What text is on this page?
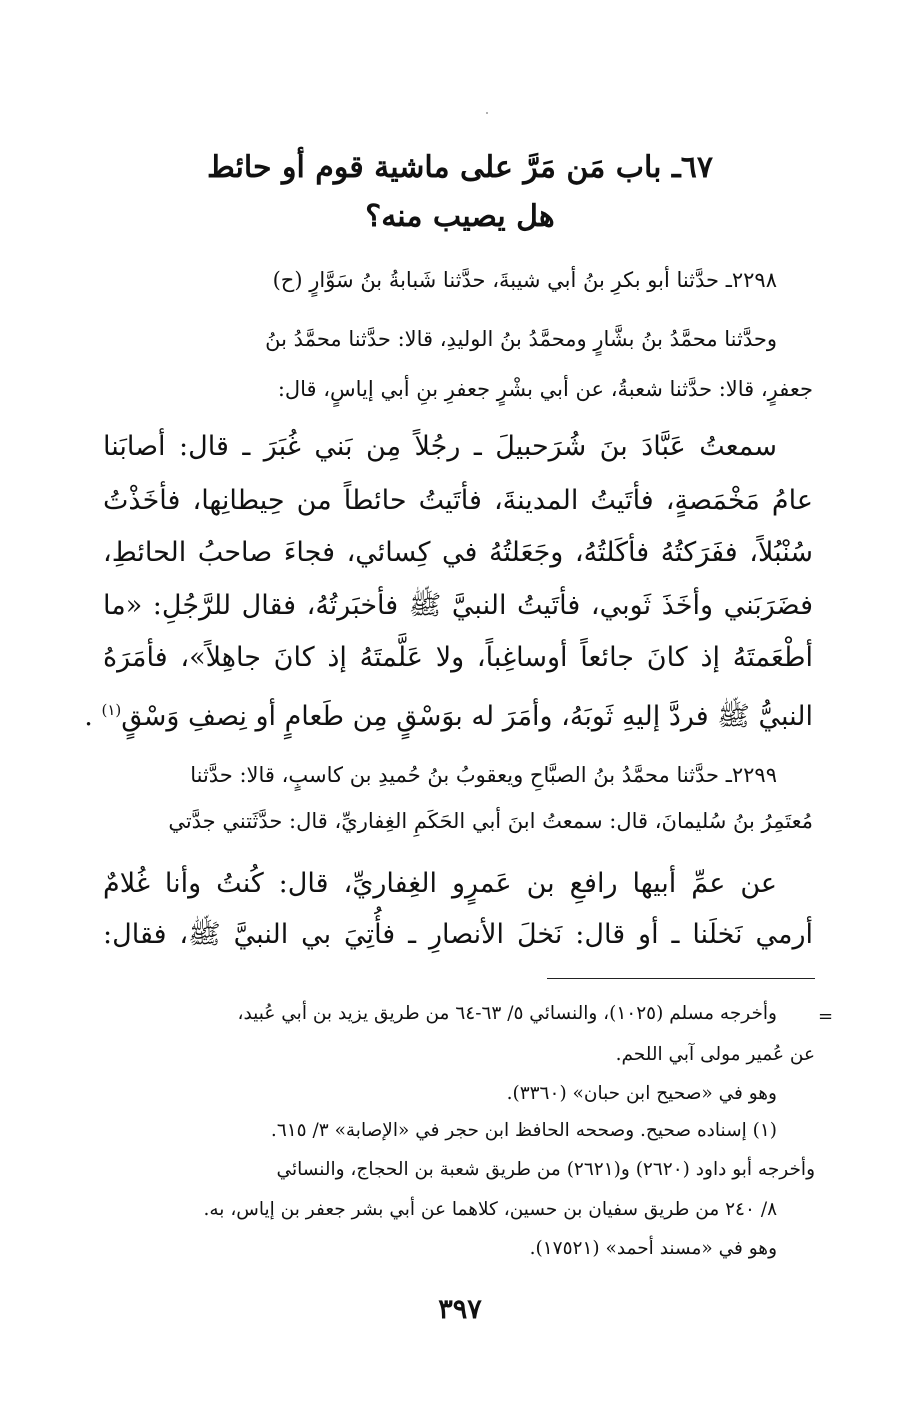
٦٧ـ باب مَن مَرَّ على ماشية قوم أو حائط
هل يصيب منه؟
٢٢٩٨ـ حدَّثنا أبو بكرِ بنُ أبي شيبةَ، حدَّثنا شَبابةُ بنُ سَوَّارٍ (ح)
وحدَّثنا محمَّدُ بنُ بشَّارٍ ومحمَّدُ بنُ الوليدِ، قالا: حدَّثنا محمَّدُ بنُ
جعفرٍ، قالا: حدَّثنا شعبةُ، عن أبي بشْرٍ جعفرِ بنِ أبي إياسٍ، قال:
سمعتُ عَبَّادَ بنَ شُرَحبيلَ ـ رجُلاً مِن بَني غُبَرَ ـ قال: أصابَنا
عامُ مَخْمَصةٍ، فأتَيتُ المدينةَ، فأتَيتُ حائطاً من حِيطانِها، فأخَذْتُ
سُنْبُلاً، ففَرَكتُهُ فأكَلتُهُ، وجَعَلتُهُ في كِسائي، فجاءَ صاحبُ الحائطِ،
فضَرَبَني وأخَذَ ثَوبي، فأتَيتُ النبيَّ ﷺ فأخبَرتُهُ، فقال للرَّجُلِ: «ما
أطْعَمتَهُ إذ كانَ جائعاً أوساغِباً، ولا عَلَّمتَهُ إذ كانَ جاهِلاً»، فأمَرَهُ
النبيُّ ﷺ فردَّ إليهِ ثَوبَهُ، وأمَرَ له بوَسْقٍ مِن طَعامٍ أو نِصفِ وَسْقٍ$^{(١)}$ .
٢٢٩٩ـ حدَّثنا محمَّدُ بنُ الصبَّاحِ ويعقوبُ بنُ حُميدِ بن كاسبٍ، قالا: حدَّثنا
مُعتَمِرُ بنُ سُليمانَ، قال: سمعتُ ابنَ أبي الحَكَمِ الغِفاريِّ، قال: حدَّثَتني جدَّتي
عن عمِّ أبيها رافعِ بن عَمرٍو الغِفاريِّ، قال: كُنتُ وأنا غُلامٌ
أرمي نَخلَنا ـ أو قال: نَخلَ الأنصارِ ـ فأُتِيَ بي النبيَّ ﷺ، فقال:
=
وأخرجه مسلم (١٠٢٥)، والنسائي ٥/ ٦٣-٦٤ من طريق يزيد بن أبي عُبيد،
عن عُمير مولى آبي اللحم.
وهو في «صحيح ابن حبان» (٣٣٦٠).
(١) إسناده صحيح. وصححه الحافظ ابن حجر في «الإصابة» ٣/ ٦١٥.
وأخرجه أبو داود (٢٦٢٠) و(٢٦٢١) من طريق شعبة بن الحجاج، والنسائي
٨/ ٢٤٠ من طريق سفيان بن حسين، كلاهما عن أبي بشر جعفر بن إياس، به.
وهو في «مسند أحمد» (١٧٥٢١).
٣٩٧
